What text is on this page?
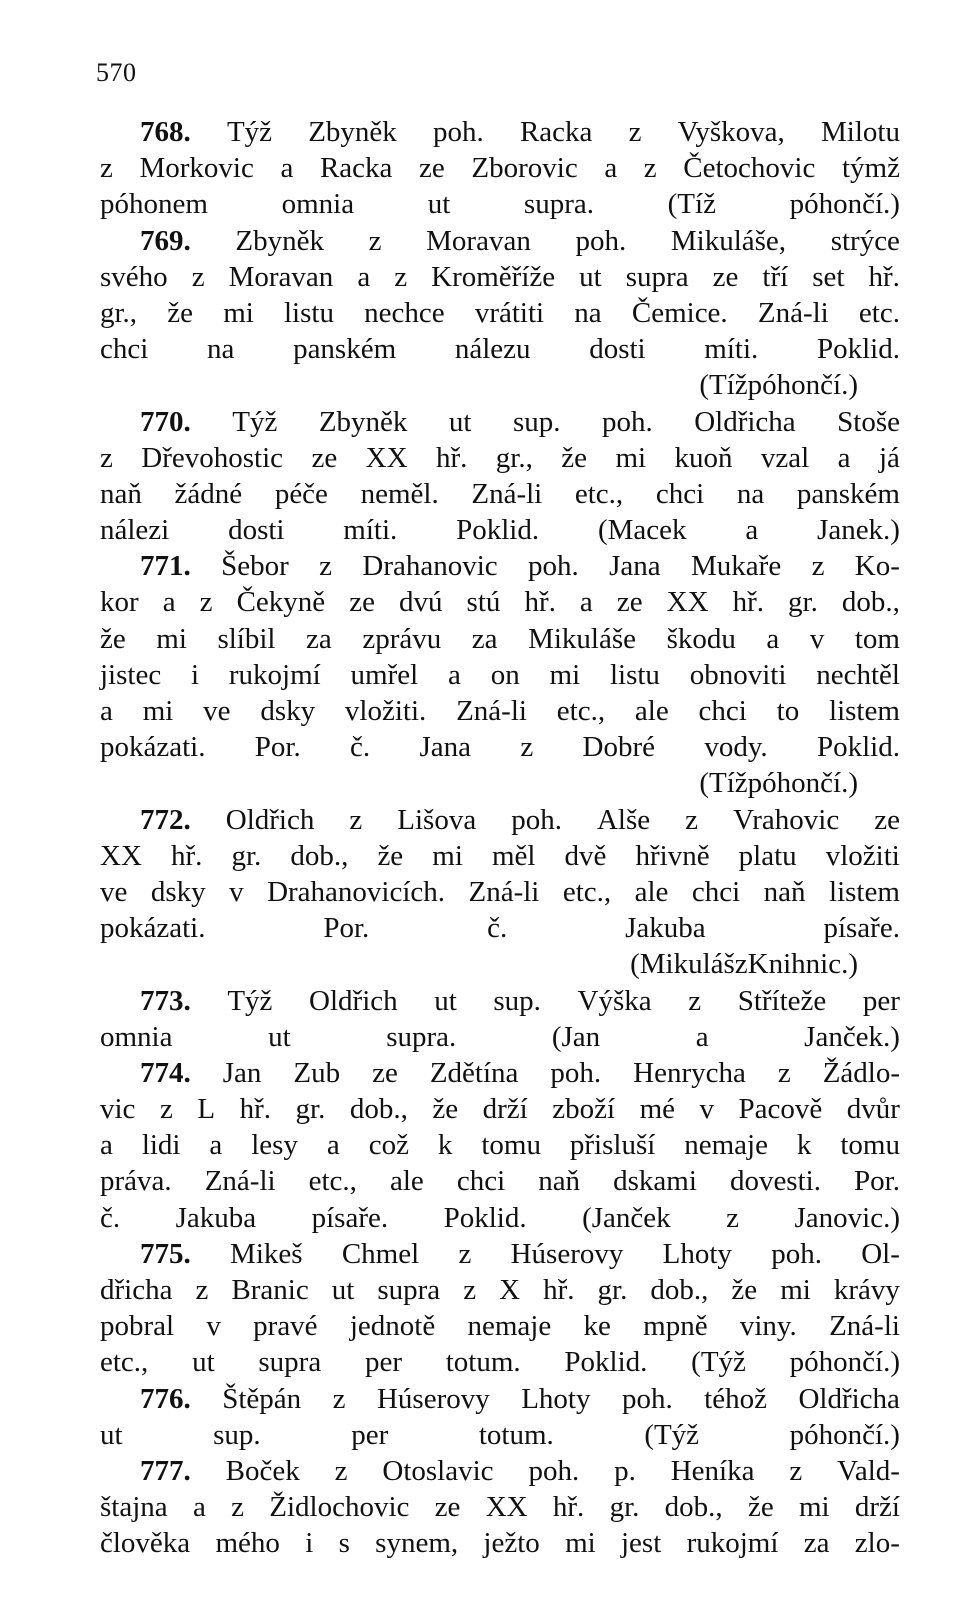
570
768. Týž Zbyněk poh. Racka z Vyškova, Milotu
z Morkovic a Racka ze Zborovic a z Četochovic týmž
póhonem	omnia	ut	supra.	(Tíž	póhončí.)
769. Zbyněk z Moravan poh. Mikuláše, strýce
svého z Moravan a z Kroměříže ut supra ze tří set hř.
gr., že mi listu nechce vrátiti na Čemice. Zná-li etc.
chci na panském nálezu dosti míti. Poklid.
(Tíž póhončí.)
770. Týž Zbyněk ut sup. poh. Oldřicha Stoše
z Dřevohostic ze XX hř. gr., že mi kuoň vzal a já
naň žádné péče neměl. Zná-li etc., chci na panském
nálezi dosti míti. Poklid. (Macek a Janek.)
771. Šebor z Drahanovic poh. Jana Mukaře z Ko-
kor a z Čekyně ze dvú stú hř. a ze XX hř. gr. dob.,
že mi slíbil za zprávu za Mikuláše škodu a v tom
jistec i rukojmí umřel a on mi listu obnoviti nechtěl
a mi ve dsky vložiti. Zná-li etc., ale chci to listem
pokázati. Por. č. Jana z Dobré vody. Poklid.
(Tíž póhončí.)
772. Oldřich z Lišova poh. Alše z Vrahovic ze
XX hř. gr. dob., že mi měl dvě hřivně platu vložiti
ve dsky v Drahanovicích. Zná-li etc., ale chci naň listem
pokázati.	Por.	č.	Jakuba	písaře.
(Mikuláš z Knihnic.)
773. Týž Oldřich ut sup. Výška z Stříteže per
omnia	ut	supra.	(Jan	a	Janček.)
774. Jan Zub ze Zdětína poh. Henrycha z Žádlo-
vic z L hř. gr. dob., že drží zboží mé v Pacově dvůr
a lidi a lesy a což k tomu přisluší nemaje k tomu
práva. Zná-li etc., ale chci naň dskami dovesti. Por.
č. Jakuba písaře. Poklid. (Janček z Janovic.)
775. Mikeš Chmel z Húserovy Lhoty poh. Ol-
dřicha z Branic ut supra z X hř. gr. dob., že mi krávy
pobral v pravé jednotě nemaje ke mpně viny. Zná-li
etc., ut supra per totum. Poklid. (Týž póhončí.)
776. Štěpán z Húserovy Lhoty poh. téhož Oldřicha
ut	sup.	per	totum.	(Týž	póhončí.)
777. Boček z Otoslavic poh. p. Heníka z Vald-
štajna a z Židlochovic ze XX hř. gr. dob., že mi drží
člověka mého i s synem, ježto mi jest rukojmí za zlo-
